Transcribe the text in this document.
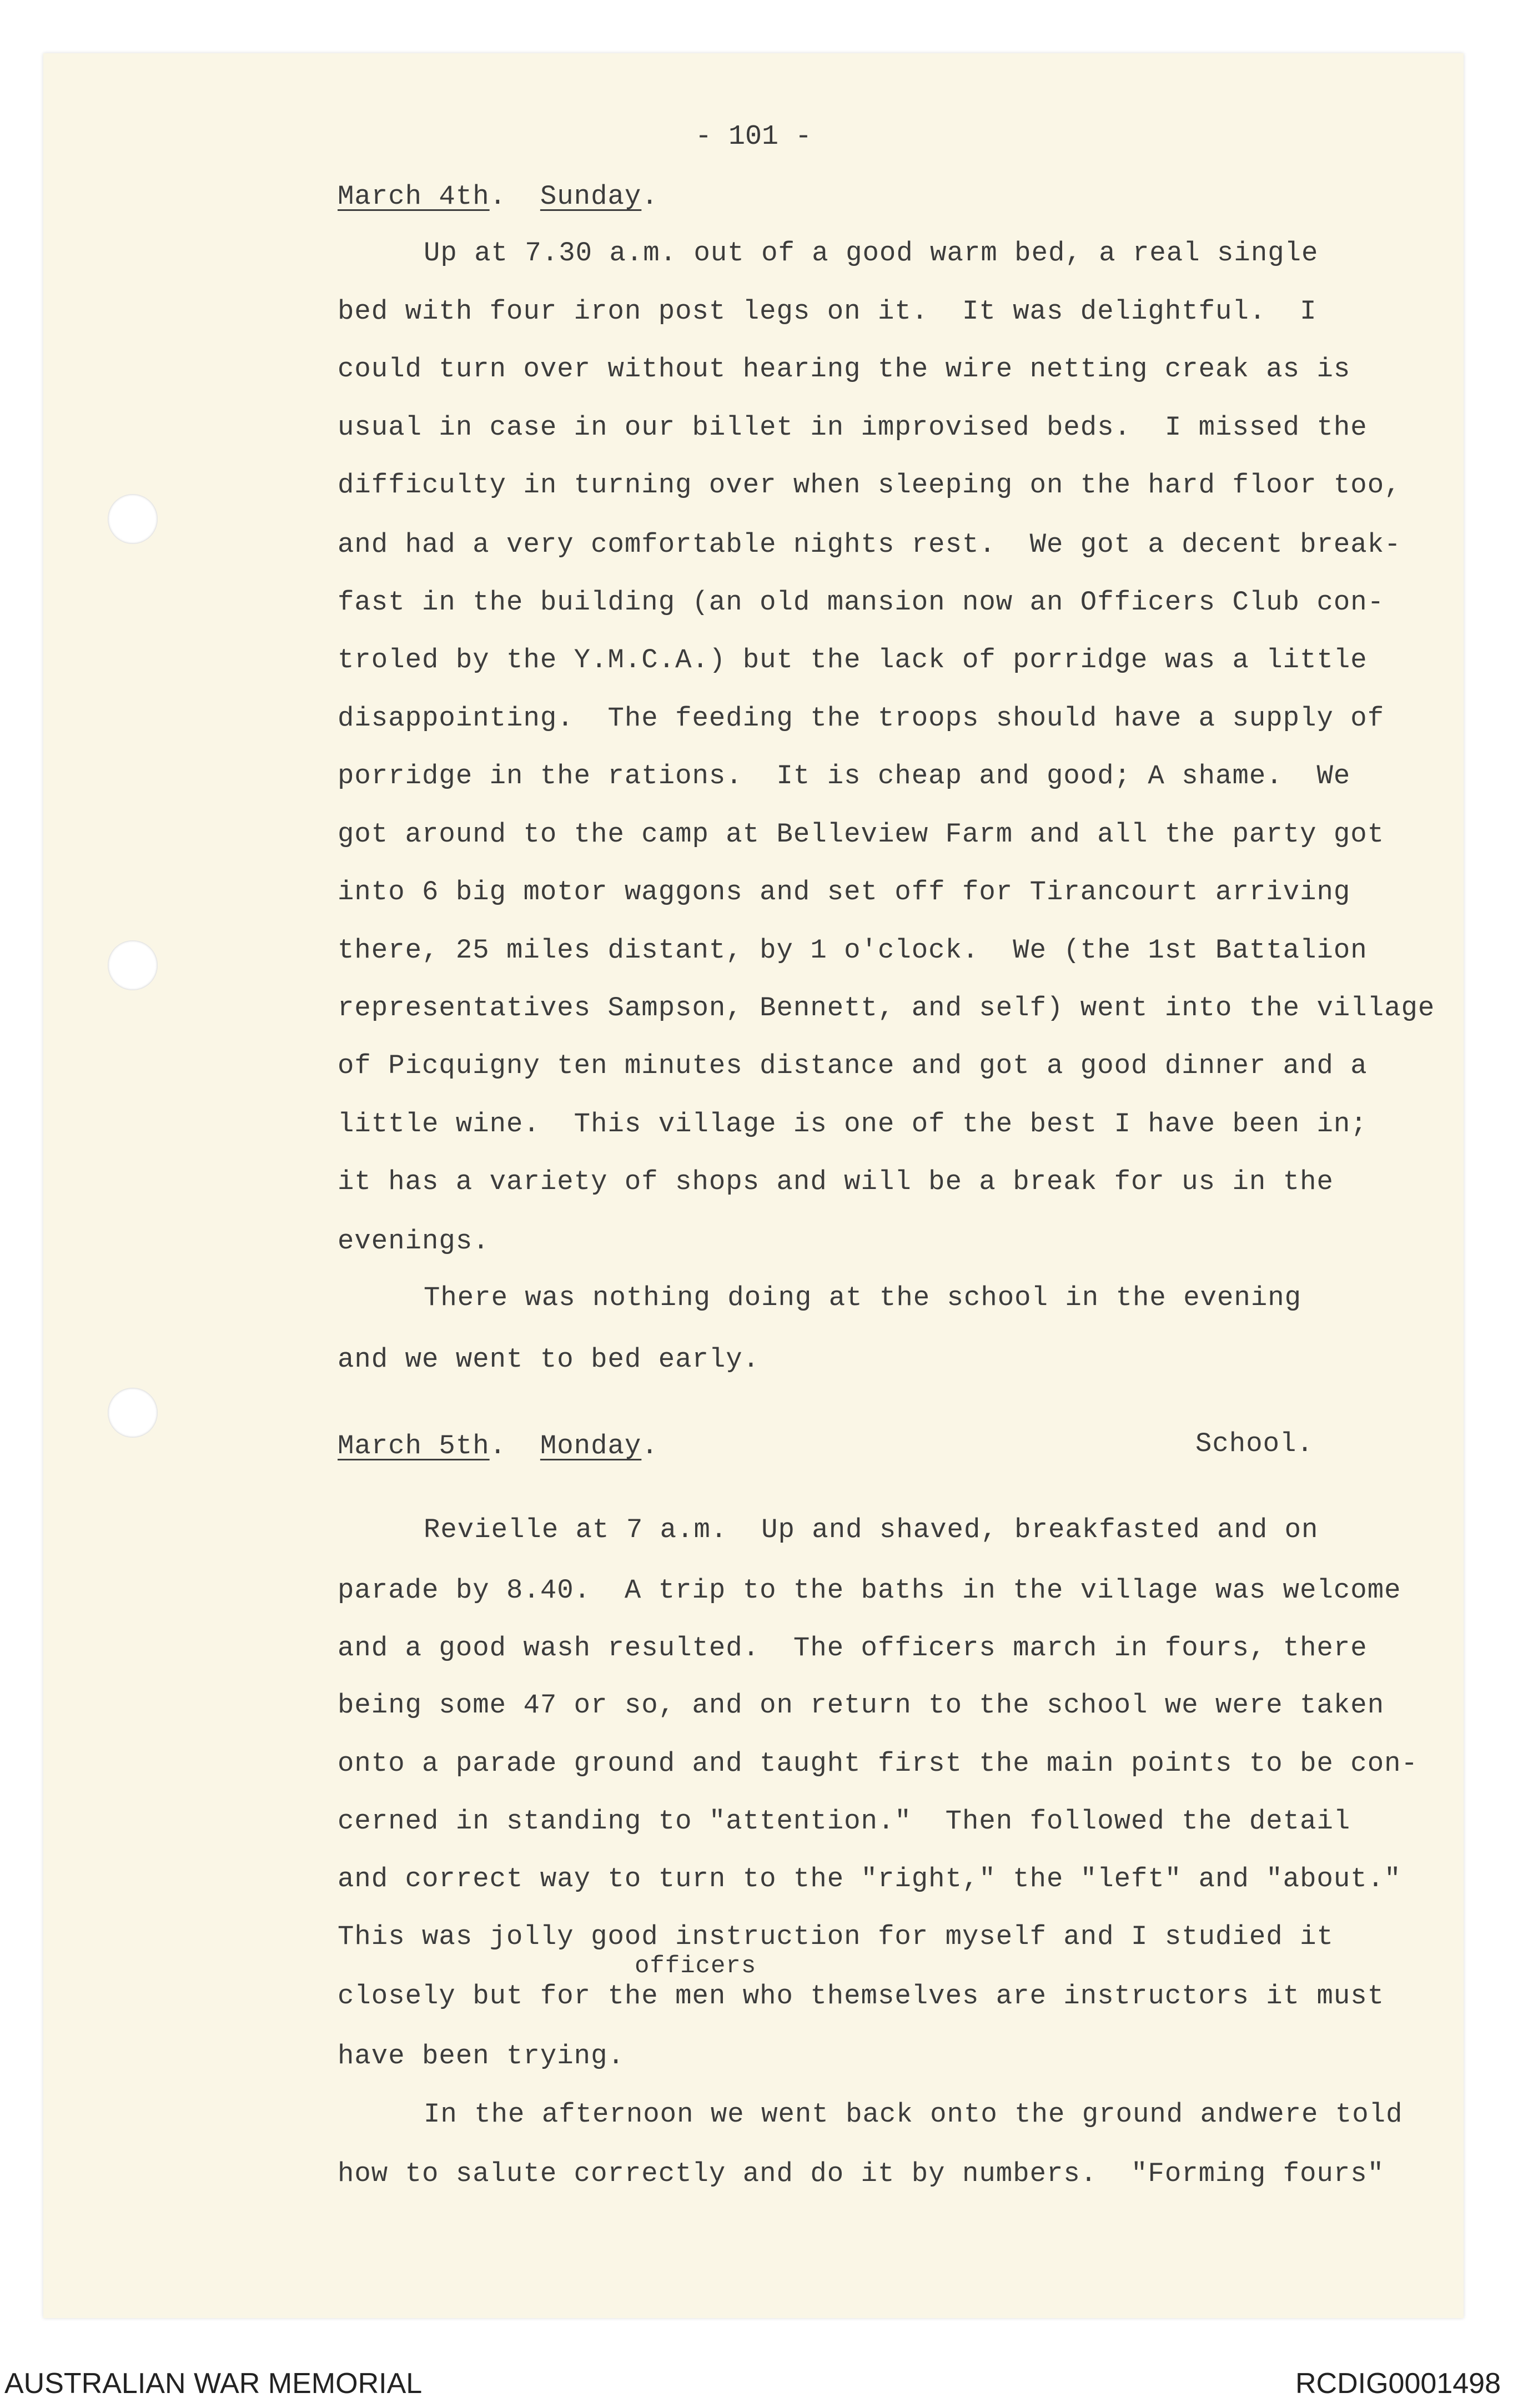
- 101 -
March 4th.  Sunday.
Up at 7.30 a.m. out of a good warm bed, a real single
bed with four iron post legs on it.  It was delightful.  I
could turn over without hearing the wire netting creak as is
usual in case in our billet in improvised beds.  I missed the
difficulty in turning over when sleeping on the hard floor too,
and had a very comfortable nights rest.  We got a decent break-
fast in the building (an old mansion now an Officers Club con-
troled by the Y.M.C.A.) but the lack of porridge was a little
disappointing.  The feeding the troops should have a supply of
porridge in the rations.  It is cheap and good; A shame.  We
got around to the camp at Belleview Farm and all the party got
into 6 big motor waggons and set off for Tirancourt arriving
there, 25 miles distant, by 1 o'clock.  We (the 1st Battalion
representatives Sampson, Bennett, and self) went into the village
of Picquigny ten minutes distance and got a good dinner and a
little wine.  This village is one of the best I have been in;
it has a variety of shops and will be a break for us in the
evenings.
There was nothing doing at the school in the evening
and we went to bed early.
March 5th.  Monday.	School.
Revielle at 7 a.m.  Up and shaved, breakfasted and on
parade by 8.40.  A trip to the baths in the village was welcome
and a good wash resulted.  The officers march in fours, there
being some 47 or so, and on return to the school we were taken
onto a parade ground and taught first the main points to be con-
cerned in standing to "attention."  Then followed the detail
and correct way to turn to the "right," the "left" and "about."
This was jolly good instruction for myself and I studied it
officers
closely but for the men who themselves are instructors it must
have been trying.
In the afternoon we went back onto the ground andwere told
how to salute correctly and do it by numbers.  "Forming fours"
AUSTRALIAN WAR MEMORIAL	RCDIG0001498
